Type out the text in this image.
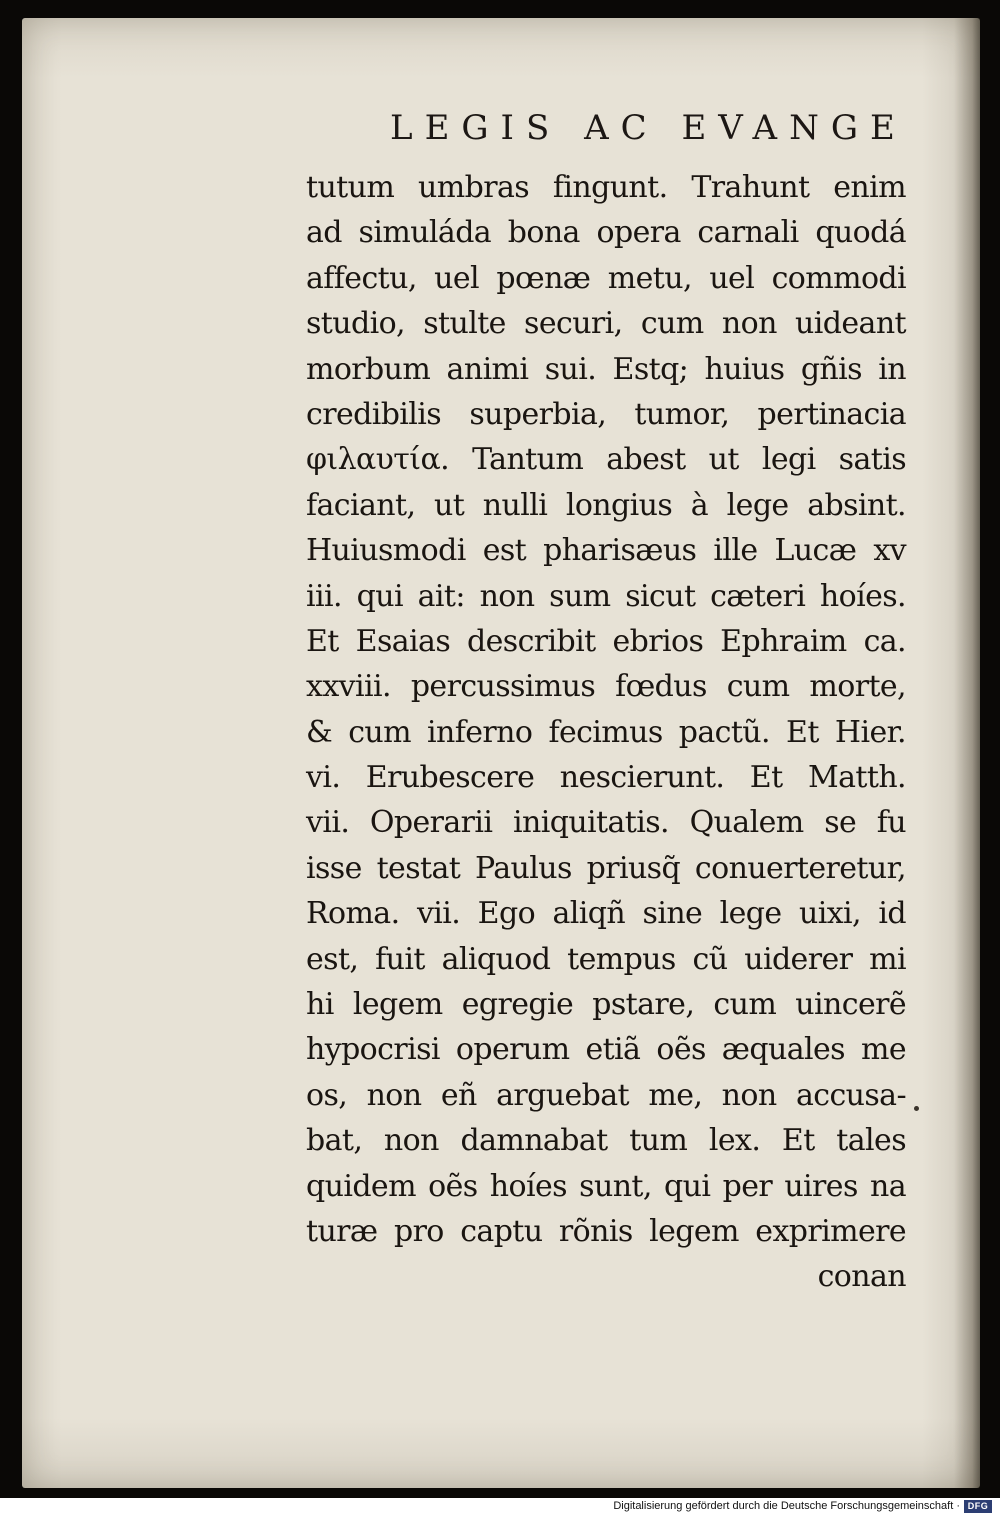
LEGIS AC EVANGE
tutum umbras fingunt. Trahunt enim
ad simuláda bona opera carnali quodá
affectu, uel pœnæ metu, uel commodi
studio, stulte securi, cum non uideant
morbum animi sui. Estq; huius gñis in
credibilis superbia, tumor, pertinacia
φιλαυτία. Tantum abest ut legi satis
faciant, ut nulli longius à lege absint.
Huiusmodi est pharisæus ille Lucæ xv
iii. qui ait: non sum sicut cæteri hoíes.
Et Esaias describit ebrios Ephraim ca.
xxviii. percussimus fœdus cum morte,
& cum inferno fecimus pactũ. Et Hier.
vi. Erubescere nescierunt. Et Matth.
vii. Operarii iniquitatis. Qualem se fu
isse testat Paulus priusq̃ conuerteretur,
Roma. vii. Ego aliqñ sine lege uixi, id
est, fuit aliquod tempus cũ uiderer mi
hi legem egregie pstare, cum uincerẽ
hypocrisi operum etiã oẽs æquales me
os, non eñ arguebat me, non accusa-
bat, non damnabat tum lex. Et tales
quidem oẽs hoíes sunt, qui per uires na
turæ pro captu rõnis legem exprimere
conan
Digitalisierung gefördert durch die Deutsche Forschungsgemeinschaft · DFG
